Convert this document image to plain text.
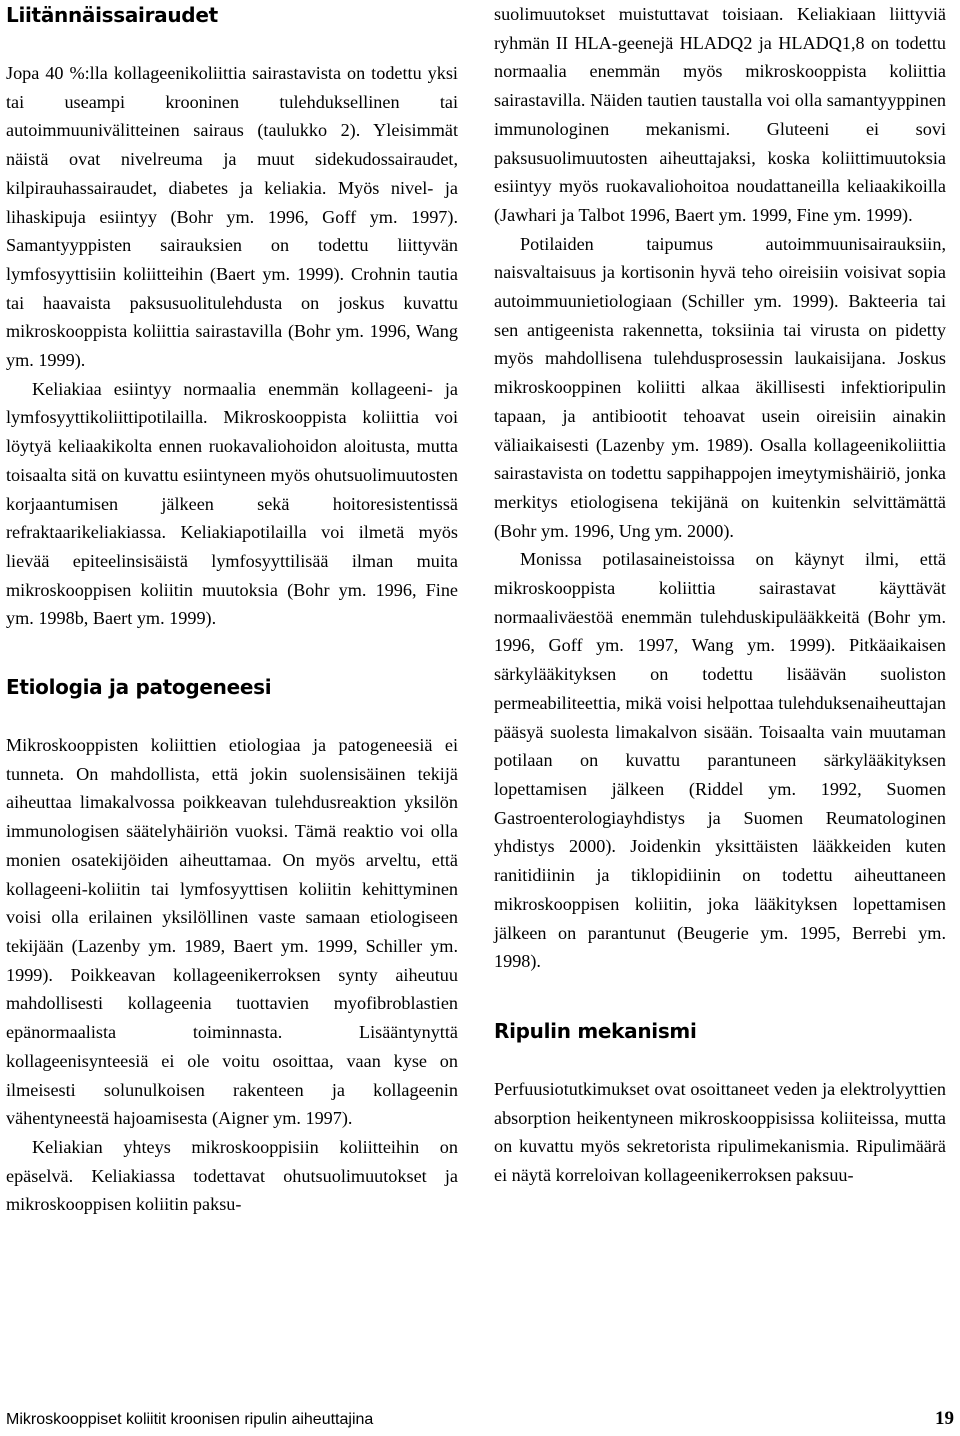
Liitännäissairaudet

Jopa 40 %:lla kollageenikoliittia sairastavista on todettu yksi tai useampi krooninen tulehduksellinen tai autoimmuunivälitteinen sairaus (taulukko 2). Yleisimmät näistä ovat nivelreuma ja muut sidekudossairaudet, kilpirauhassairaudet, diabetes ja keliakia. Myös nivel- ja lihaskipuja esiintyy (Bohr ym. 1996, Goff ym. 1997). Samantyyppisten sairauksien on todettu liittyvän lymfosyyttisiin koliitteihin (Baert ym. 1999). Crohnin tautia tai haavaista paksusuolitulehdusta on joskus kuvattu mikroskooppista koliittia sairastavilla (Bohr ym. 1996, Wang ym. 1999).

Keliakiaa esiintyy normaalia enemmän kollageeni- ja lymfosyyttikoliittipotilailla. Mikroskooppista koliittia voi löytyä keliaakikolta ennen ruokavaliohoidon aloitusta, mutta toisaalta sitä on kuvattu esiintyneen myös ohutsuolimuutosten korjaantumisen jälkeen sekä hoitoresistentissä refraktaarikeliakiassa. Keliakiapotilailla voi ilmetä myös lievää epiteelinsisäistä lymfosyyttilisää ilman muita mikroskooppisen koliitin muutoksia (Bohr ym. 1996, Fine ym. 1998b, Baert ym. 1999).

Etiologia ja patogeneesi

Mikroskooppisten koliittien etiologiaa ja patogeneesiä ei tunneta. On mahdollista, että jokin suolensisäinen tekijä aiheuttaa limakalvossa poikkeavan tulehdusreaktion yksilön immunologisen säätelyhäiriön vuoksi. Tämä reaktio voi olla monien osatekijöiden aiheuttamaa. On myös arveltu, että kollageeni-koliitin tai lymfosyyttisen koliitin kehittyminen voisi olla erilainen yksilöllinen vaste samaan etiologiseen tekijään (Lazenby ym. 1989, Baert ym. 1999, Schiller ym. 1999). Poikkeavan kollageenikerroksen synty aiheutuu mahdollisesti kollageenia tuottavien myofibroblastien epänormaalista toiminnasta. Lisääntynyttä kollageenisynteesiä ei ole voitu osoittaa, vaan kyse on ilmeisesti solunulkoisen rakenteen ja kollageenin vähentyneestä hajoamisesta (Aigner ym. 1997).

Keliakian yhteys mikroskooppisiin koliitteihin on epäselvä. Keliakiassa todettavat ohutsuolimuutokset ja mikroskooppisen koliitin paksu-

suolimuutokset muistuttavat toisiaan. Keliakiaan liittyviä ryhmän II HLA-geenejä HLADQ2 ja HLADQ1,8 on todettu normaalia enemmän myös mikroskooppista koliittia sairastavilla. Näiden tautien taustalla voi olla samantyyppinen immunologinen mekanismi. Gluteeni ei sovi paksusuolimuutosten aiheuttajaksi, koska koliittimuutoksia esiintyy myös ruokavaliohoitoa noudattaneilla keliaakikoilla (Jawhari ja Talbot 1996, Baert ym. 1999, Fine ym. 1999).

Potilaiden taipumus autoimmuunisairauksiin, naisvaltaisuus ja kortisonin hyvä teho oireisiin voisivat sopia autoimmuunietiologiaan (Schiller ym. 1999). Bakteeria tai sen antigeenista rakennetta, toksiinia tai virusta on pidetty myös mahdollisena tulehdusprosessin laukaisijana. Joskus mikroskooppinen koliitti alkaa äkillisesti infektioripulin tapaan, ja antibiootit tehoavat usein oireisiin ainakin väliaikaisesti (Lazenby ym. 1989). Osalla kollageenikoliittia sairastavista on todettu sappihappojen imeytymishäiriö, jonka merkitys etiologisena tekijänä on kuitenkin selvittämättä (Bohr ym. 1996, Ung ym. 2000).

Monissa potilasaineistoissa on käynyt ilmi, että mikroskooppista koliittia sairastavat käyttävät normaaliväestöä enemmän tulehduskipulääkkeitä (Bohr ym. 1996, Goff ym. 1997, Wang ym. 1999). Pitkäaikaisen särkylääkityksen on todettu lisäävän suoliston permeabiliteettia, mikä voisi helpottaa tulehduksenaiheuttajan pääsyä suolesta limakalvon sisään. Toisaalta vain muutaman potilaan on kuvattu parantuneen särkylääkityksen lopettamisen jälkeen (Riddel ym. 1992, Suomen Gastroenterologiayhdistys ja Suomen Reumatologinen yhdistys 2000). Joidenkin yksittäisten lääkkeiden kuten ranitidiinin ja tiklopidiinin on todettu aiheuttaneen mikroskooppisen koliitin, joka lääkityksen lopettamisen jälkeen on parantunut (Beugerie ym. 1995, Berrebi ym. 1998).

Ripulin mekanismi

Perfuusiotutkimukset ovat osoittaneet veden ja elektrolyyttien absorption heikentyneen mikroskooppisissa koliiteissa, mutta on kuvattu myös sekretorista ripulimekanismia. Ripulimäärä ei näytä korreloivan kollageenikerroksen paksuu-

Mikroskooppiset koliitit kroonisen ripulin aiheuttajina	19
